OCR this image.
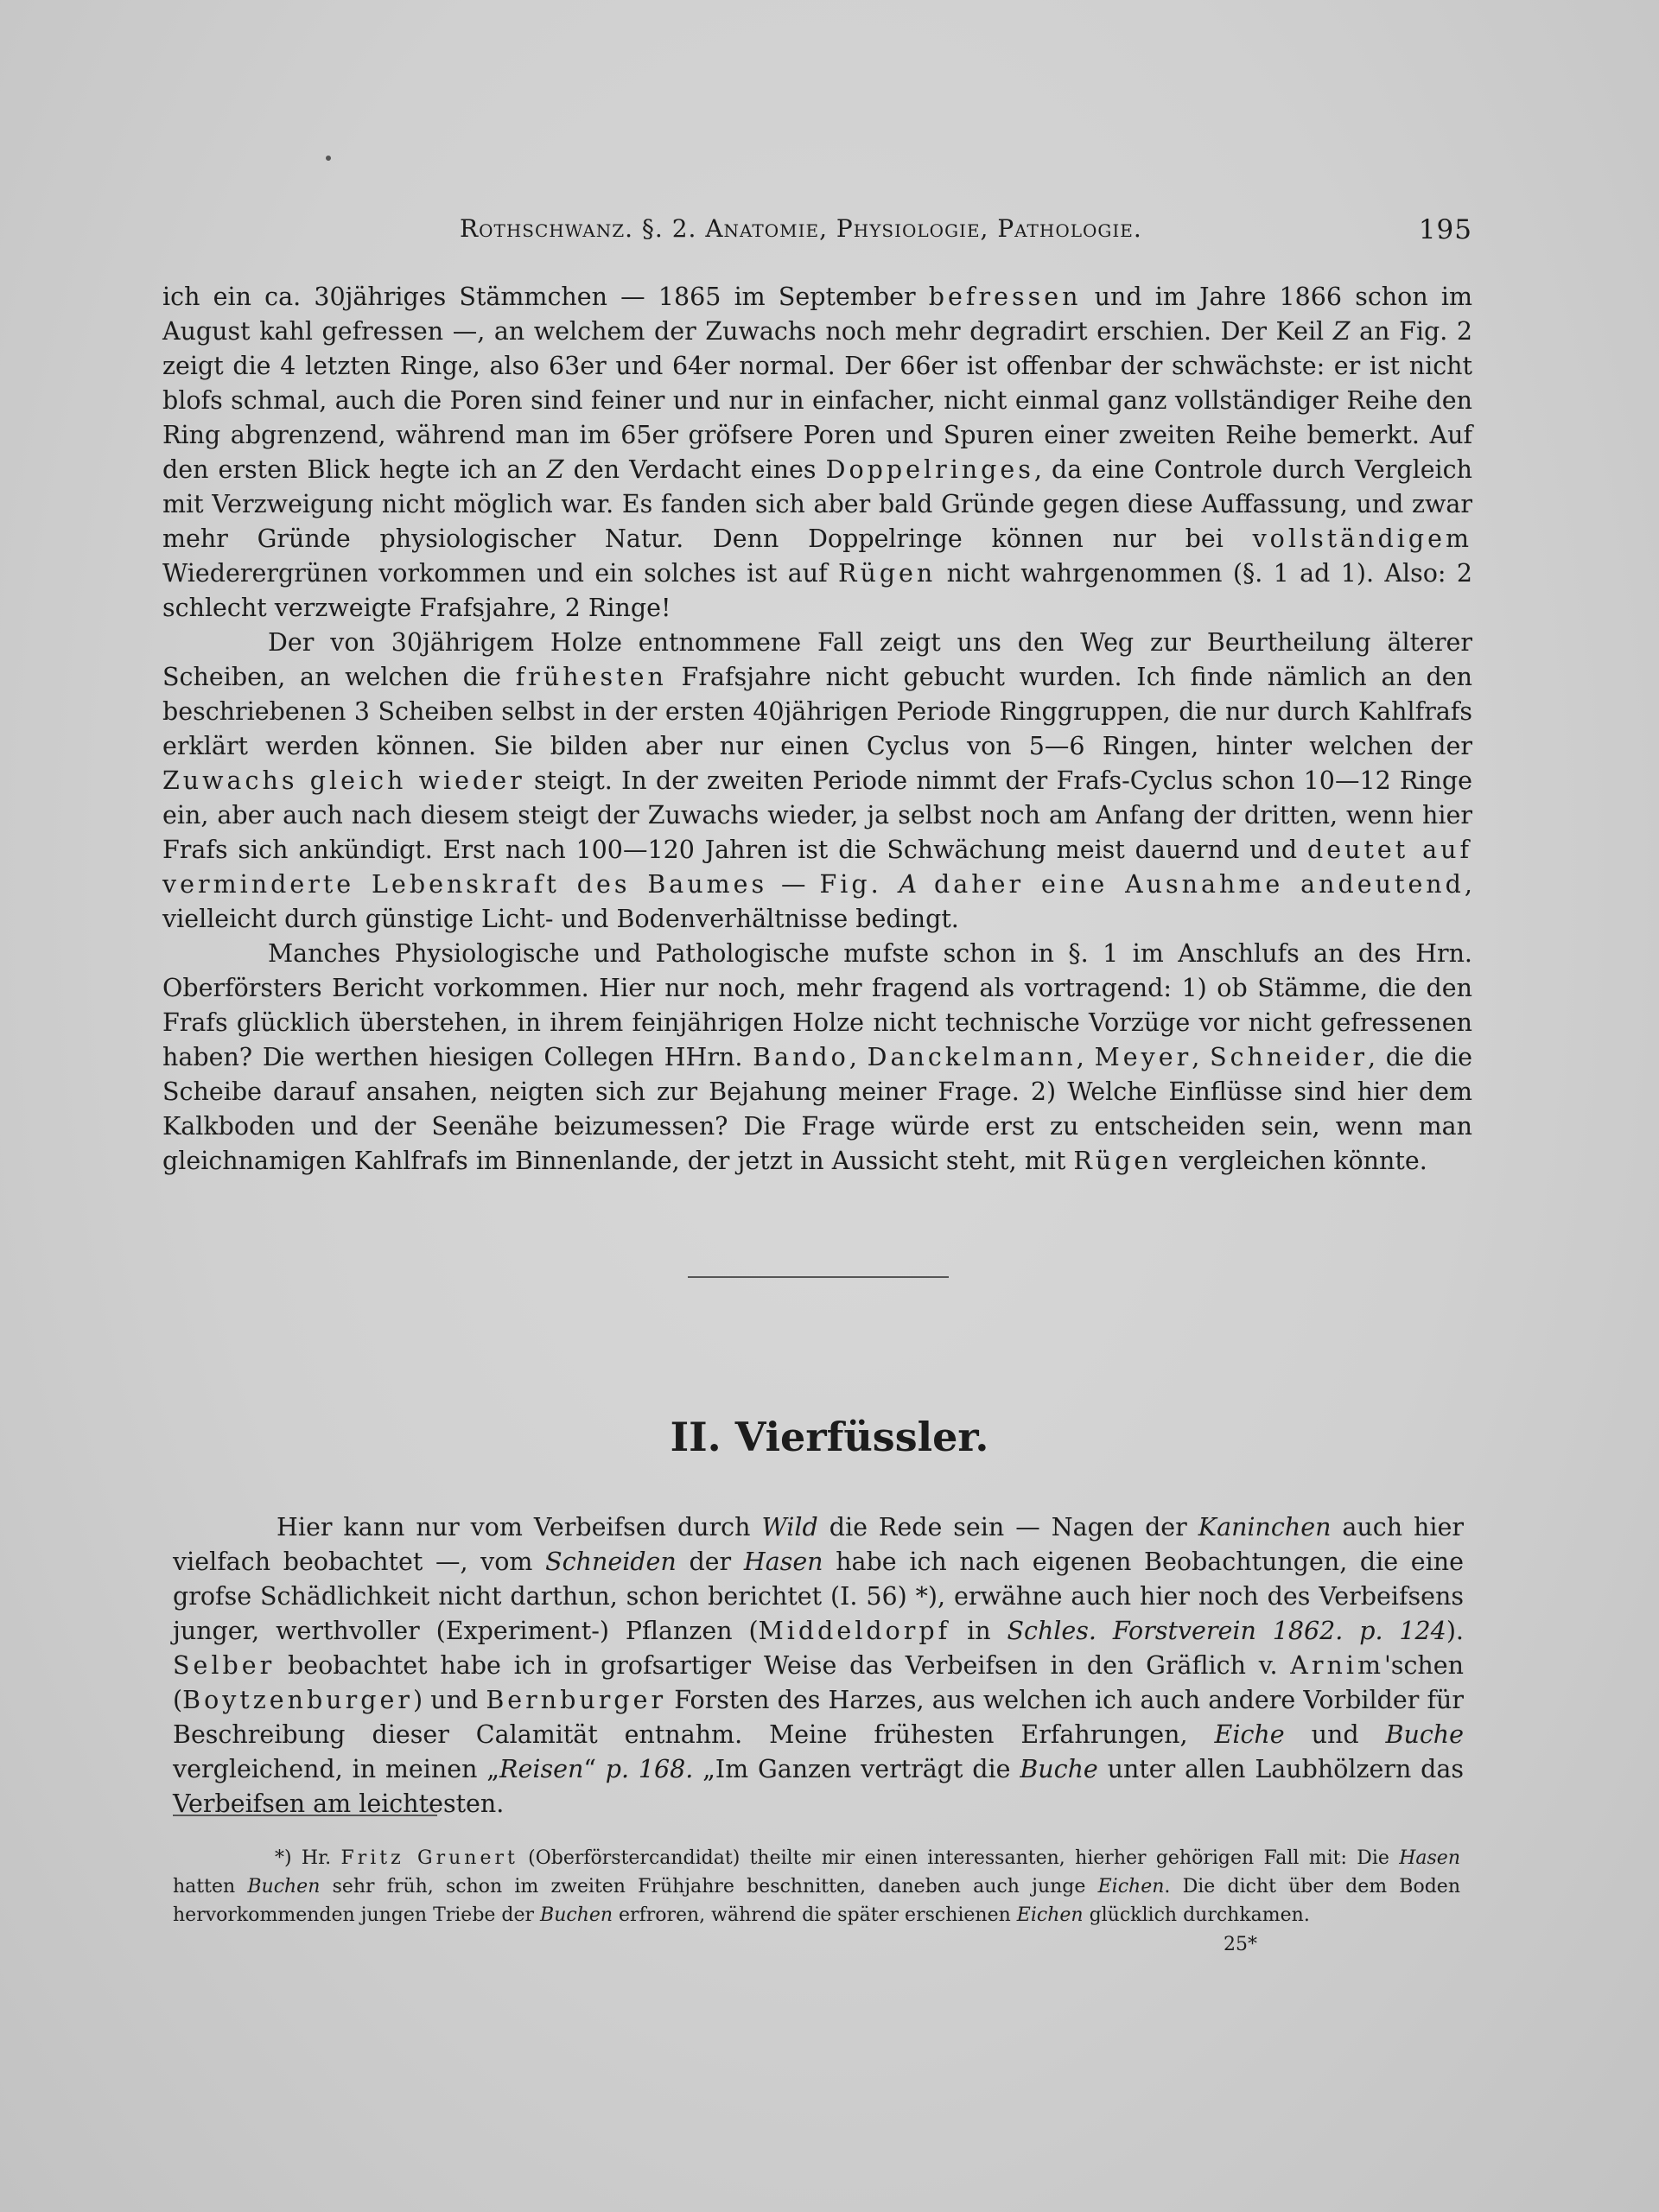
Rothschwanz. §. 2. Anatomie, Physiologie, Pathologie.	195

ich ein ca. 30jähriges Stämmchen — 1865 im September befressen und im Jahre 1866 schon im August kahl gefressen —, an welchem der Zuwachs noch mehr degradirt erschien. Der Keil Z an Fig. 2 zeigt die 4 letzten Ringe, also 63er und 64er normal. Der 66er ist offenbar der schwächste: er ist nicht blofs schmal, auch die Poren sind feiner und nur in einfacher, nicht einmal ganz vollständiger Reihe den Ring abgrenzend, während man im 65er gröfsere Poren und Spuren einer zweiten Reihe bemerkt. Auf den ersten Blick hegte ich an Z den Verdacht eines Doppelringes, da eine Controle durch Vergleich mit Verzweigung nicht möglich war. Es fanden sich aber bald Gründe gegen diese Auffassung, und zwar mehr Gründe physiologischer Natur. Denn Doppelringe können nur bei vollständigem Wiederergrünen vorkommen und ein solches ist auf Rügen nicht wahrgenommen (§. 1 ad 1). Also: 2 schlecht verzweigte Frafsjahre, 2 Ringe!

Der von 30jährigem Holze entnommene Fall zeigt uns den Weg zur Beurtheilung älterer Scheiben, an welchen die frühesten Frafsjahre nicht gebucht wurden. Ich finde nämlich an den beschriebenen 3 Scheiben selbst in der ersten 40jährigen Periode Ringgruppen, die nur durch Kahlfrafs erklärt werden können. Sie bilden aber nur einen Cyclus von 5—6 Ringen, hinter welchen der Zuwachs gleich wieder steigt. In der zweiten Periode nimmt der Frafs-Cyclus schon 10—12 Ringe ein, aber auch nach diesem steigt der Zuwachs wieder, ja selbst noch am Anfang der dritten, wenn hier Frafs sich ankündigt. Erst nach 100—120 Jahren ist die Schwächung meist dauernd und deutet auf verminderte Lebenskraft des Baumes — Fig. A daher eine Ausnahme andeutend, vielleicht durch günstige Licht- und Bodenverhältnisse bedingt.

Manches Physiologische und Pathologische mufste schon in §. 1 im Anschlufs an des Hrn. Oberförsters Bericht vorkommen. Hier nur noch, mehr fragend als vortragend: 1) ob Stämme, die den Frafs glücklich überstehen, in ihrem feinjährigen Holze nicht technische Vorzüge vor nicht gefressenen haben? Die werthen hiesigen Collegen HHrn. Bando, Danckelmann, Meyer, Schneider, die die Scheibe darauf ansahen, neigten sich zur Bejahung meiner Frage. 2) Welche Einflüsse sind hier dem Kalkboden und der Seenähe beizumessen? Die Frage würde erst zu entscheiden sein, wenn man gleichnamigen Kahlfrafs im Binnenlande, der jetzt in Aussicht steht, mit Rügen vergleichen könnte.

II. Vierfüssler.

Hier kann nur vom Verbeifsen durch Wild die Rede sein — Nagen der Kaninchen auch hier vielfach beobachtet —, vom Schneiden der Hasen habe ich nach eigenen Beobachtungen, die eine grofse Schädlichkeit nicht darthun, schon berichtet (I. 56) *), erwähne auch hier noch des Verbeifsens junger, werthvoller (Experiment-) Pflanzen (Middeldorpf in Schles. Forstverein 1862. p. 124). Selber beobachtet habe ich in grofsartiger Weise das Verbeifsen in den Gräflich v. Arnim'schen (Boytzenburger) und Bernburger Forsten des Harzes, aus welchen ich auch andere Vorbilder für Beschreibung dieser Calamität entnahm. Meine frühesten Erfahrungen, Eiche und Buche vergleichend, in meinen „Reisen“ p. 168. „Im Ganzen verträgt die Buche unter allen Laubhölzern das Verbeifsen am leichtesten.

*) Hr. Fritz Grunert (Oberförstercandidat) theilte mir einen interessanten, hierher gehörigen Fall mit: Die Hasen hatten Buchen sehr früh, schon im zweiten Frühjahre beschnitten, daneben auch junge Eichen. Die dicht über dem Boden hervorkommenden jungen Triebe der Buchen erfroren, während die später erschienen Eichen glücklich durchkamen.

25*
